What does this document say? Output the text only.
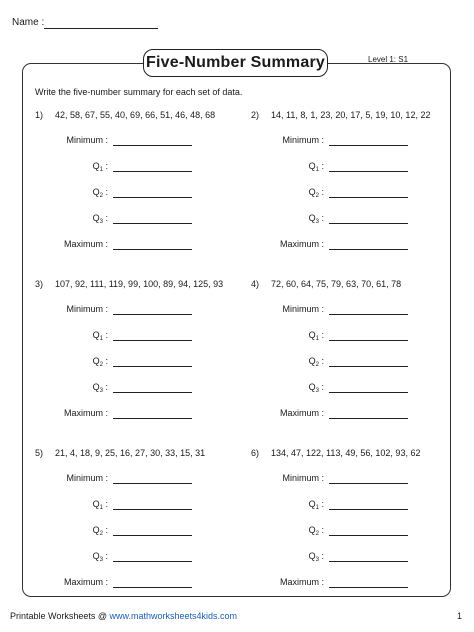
Name :
Five-Number Summary	Level 1: S1
Write the five-number summary for each set of data.
1) 42, 58, 67, 55, 40, 69, 66, 51, 46, 48, 68
Minimum :
$Q_1$ :
$Q_2$ :
$Q_3$ :
Maximum :
2) 14, 11, 8, 1, 23, 20, 17, 5, 19, 10, 12, 22
Minimum :
$Q_1$ :
$Q_2$ :
$Q_3$ :
Maximum :
3) 107, 92, 111, 119, 99, 100, 89, 94, 125, 93
Minimum :
$Q_1$ :
$Q_2$ :
$Q_3$ :
Maximum :
4) 72, 60, 64, 75, 79, 63, 70, 61, 78
Minimum :
$Q_1$ :
$Q_2$ :
$Q_3$ :
Maximum :
5) 21, 4, 18, 9, 25, 16, 27, 30, 33, 15, 31
Minimum :
$Q_1$ :
$Q_2$ :
$Q_3$ :
Maximum :
6) 134, 47, 122, 113, 49, 56, 102, 93, 62
Minimum :
$Q_1$ :
$Q_2$ :
$Q_3$ :
Maximum :
Printable Worksheets @ www.mathworksheets4kids.com	1
